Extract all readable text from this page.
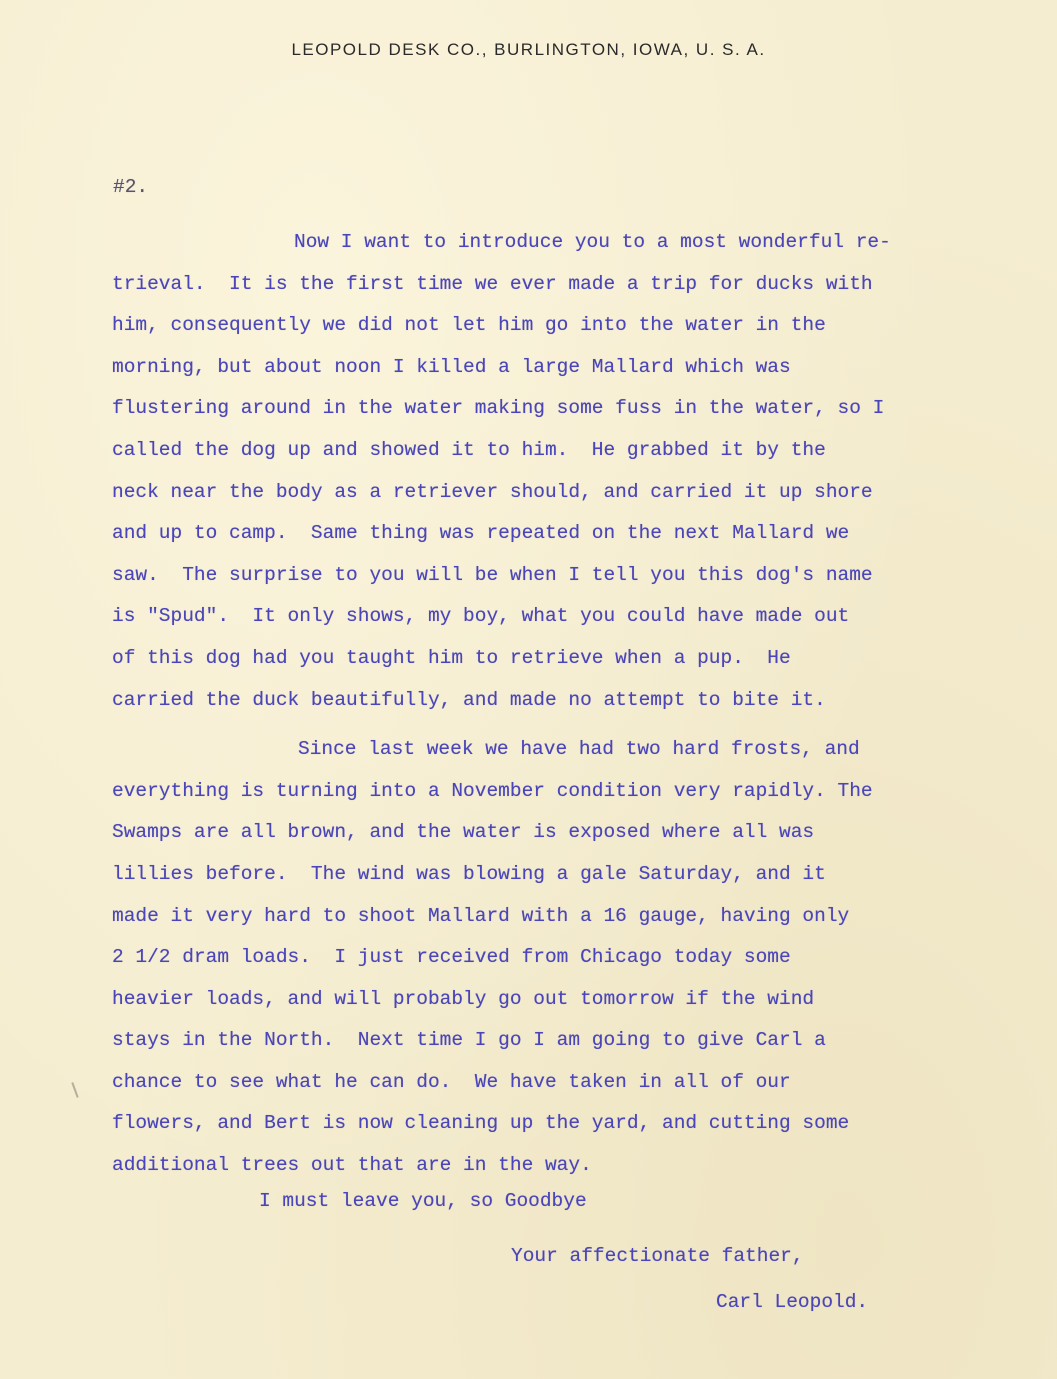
LEOPOLD DESK CO., BURLINGTON, IOWA, U. S. A.
#2.
Now I want to introduce you to a most wonderful re-
trieval.  It is the first time we ever made a trip for ducks with
him, consequently we did not let him go into the water in the
morning, but about noon I killed a large Mallard which was
flustering around in the water making some fuss in the water, so I
called the dog up and showed it to him.  He grabbed it by the
neck near the body as a retriever should, and carried it up shore
and up to camp.  Same thing was repeated on the next Mallard we
saw.  The surprise to you will be when I tell you this dog's name
is "Spud".  It only shows, my boy, what you could have made out
of this dog had you taught him to retrieve when a pup.  He
carried the duck beautifully, and made no attempt to bite it.
Since last week we have had two hard frosts, and
everything is turning into a November condition very rapidly. The
Swamps are all brown, and the water is exposed where all was
lillies before.  The wind was blowing a gale Saturday, and it
made it very hard to shoot Mallard with a 16 gauge, having only
2 1/2 dram loads.  I just received from Chicago today some
heavier loads, and will probably go out tomorrow if the wind
stays in the North.  Next time I go I am going to give Carl a
chance to see what he can do.  We have taken in all of our
flowers, and Bert is now cleaning up the yard, and cutting some
additional trees out that are in the way.
I must leave you, so Goodbye
Your affectionate father,
Carl Leopold.
